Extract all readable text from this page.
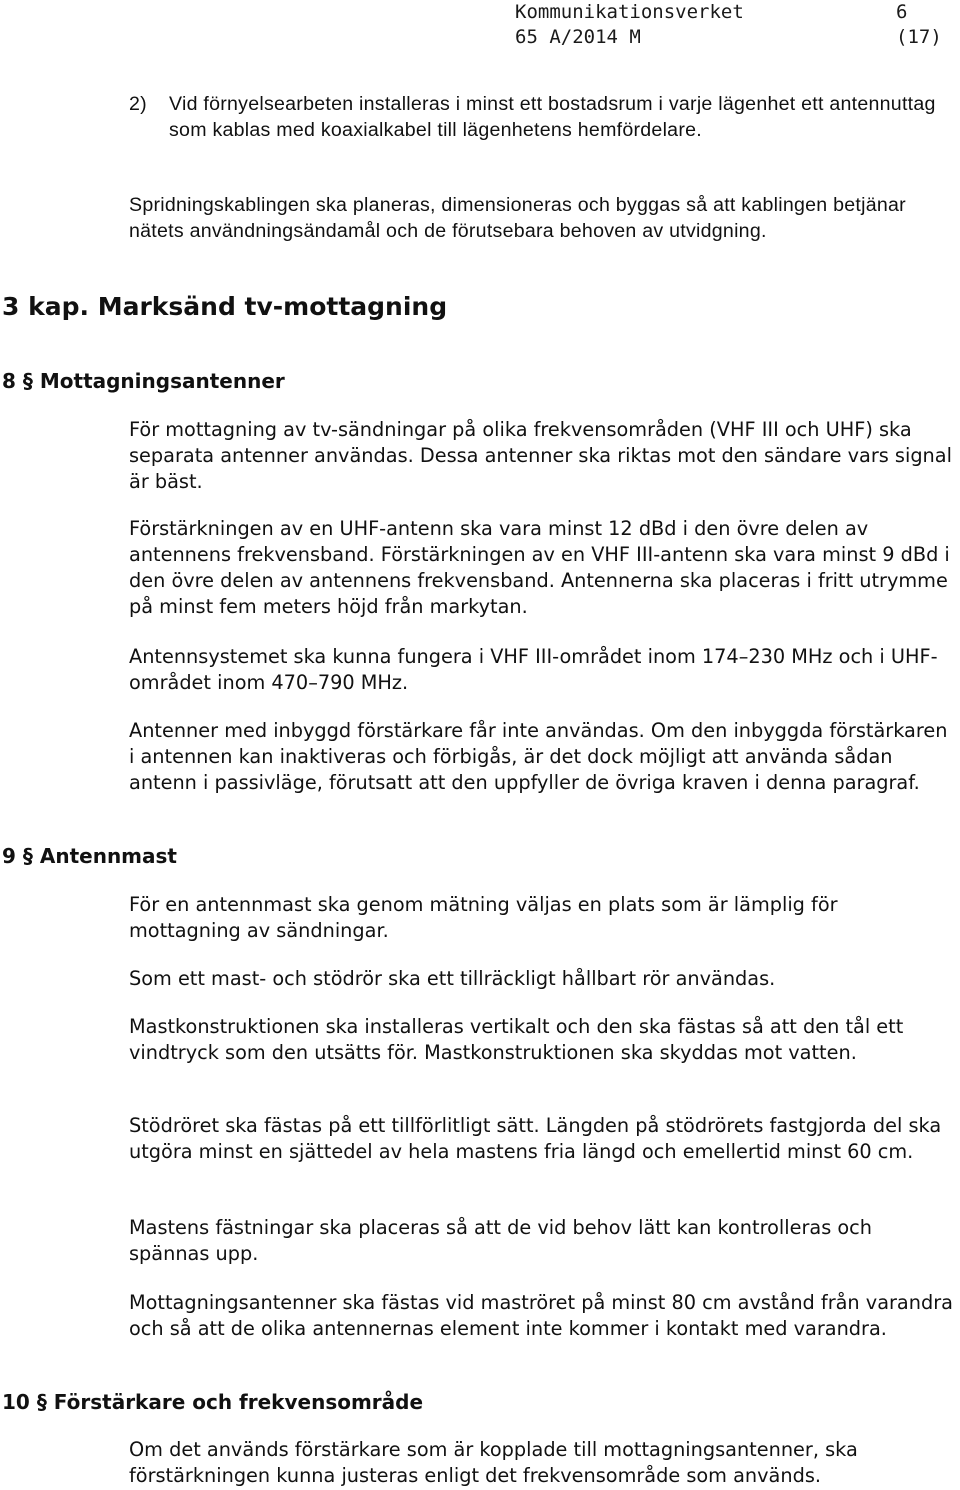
Kommunikationsverket	6 (17)
65 A/2014 M
2) Vid förnyelsearbeten installeras i minst ett bostadsrum i varje lägenhet ett antennuttag som kablas med koaxialkabel till lägenhetens hemfördelare.

Spridningskablingen ska planeras, dimensioneras och byggas så att kablingen betjänar nätets användningsändamål och de förutsebara behoven av utvidgning.

3 kap. Marksänd tv-mottagning
8 § Mottagningsantenner

För mottagning av tv-sändningar på olika frekvensområden (VHF III och UHF) ska separata antenner användas. Dessa antenner ska riktas mot den sändare vars signal är bäst.

Förstärkningen av en UHF-antenn ska vara minst 12 dBd i den övre delen av antennens frekvensband. Förstärkningen av en VHF III-antenn ska vara minst 9 dBd i den övre delen av antennens frekvensband. Antennerna ska placeras i fritt utrymme på minst fem meters höjd från markytan.

Antennsystemet ska kunna fungera i VHF III-området inom 174–230 MHz och i UHF-området inom 470–790 MHz.

Antenner med inbyggd förstärkare får inte användas. Om den inbyggda förstärkaren i antennen kan inaktiveras och förbigås, är det dock möjligt att använda sådan antenn i passivläge, förutsatt att den uppfyller de övriga kraven i denna paragraf.

9 § Antennmast

För en antennmast ska genom mätning väljas en plats som är lämplig för mottagning av sändningar.

Som ett mast- och stödrör ska ett tillräckligt hållbart rör användas.

Mastkonstruktionen ska installeras vertikalt och den ska fästas så att den tål ett vindtryck som den utsätts för. Mastkonstruktionen ska skyddas mot vatten.

Stödröret ska fästas på ett tillförlitligt sätt. Längden på stödrörets fastgjorda del ska utgöra minst en sjättedel av hela mastens fria längd och emellertid minst 60 cm.

Mastens fästningar ska placeras så att de vid behov lätt kan kontrolleras och spännas upp.

Mottagningsantenner ska fästas vid maströret på minst 80 cm avstånd från varandra och så att de olika antennernas element inte kommer i kontakt med varandra.

10 § Förstärkare och frekvensområde

Om det används förstärkare som är kopplade till mottagningsantenner, ska förstärkningen kunna justeras enligt det frekvensområde som används.
